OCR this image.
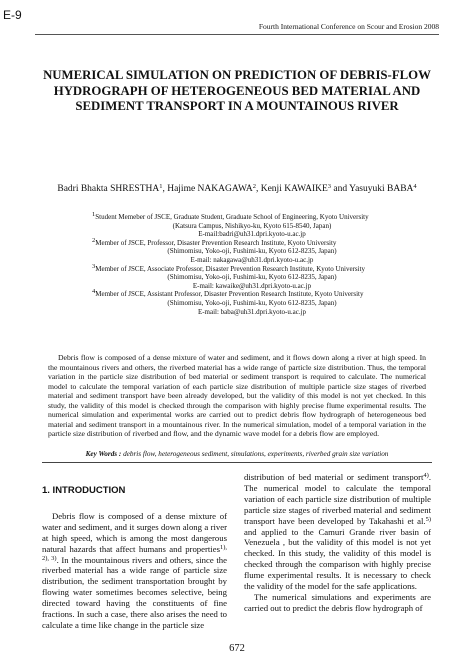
E-9
Fourth International Conference on Scour and Erosion 2008
NUMERICAL SIMULATION ON PREDICTION OF DEBRIS-FLOW HYDROGRAPH OF HETEROGENEOUS BED MATERIAL AND SEDIMENT TRANSPORT IN A MOUNTAINOUS RIVER
Badri Bhakta SHRESTHA$^1$, Hajime NAKAGAWA$^2$, Kenji KAWAIKE$^3$ and Yasuyuki BABA$^4$
$^1$Student Memeber of JSCE, Graduate Student, Graduate School of Engineering, Kyoto University
(Katsura Campus, Nishikyo-ku, Kyoto 615-8540, Japan)
E-mail:badri@uh31.dpri.kyoto-u.ac.jp
$^2$Member of JSCE, Professor, Disaster Prevention Research Institute, Kyoto University
(Shimomisu, Yoko-oji, Fushimi-ku, Kyoto 612-8235, Japan)
E-mail: nakagawa@uh31.dpri.kyoto-u.ac.jp
$^3$Member of JSCE, Associate Professor, Disaster Prevention Research Institute, Kyoto University
(Shimomisu, Yoko-oji, Fushimi-ku, Kyoto 612-8235, Japan)
E-mail: kawaike@uh31.dpri.kyoto-u.ac.jp
$^4$Member of JSCE, Assistant Professor, Disaster Prevention Research Institute, Kyoto University
(Shimomisu, Yoko-oji, Fushimi-ku, Kyoto 612-8235, Japan)
E-mail: baba@uh31.dpri.kyoto-u.ac.jp
Debris flow is composed of a dense mixture of water and sediment, and it flows down along a river at high speed. In the mountainous rivers and others, the riverbed material has a wide range of particle size distribution. Thus, the temporal variation in the particle size distribution of bed material or sediment transport is required to calculate. The numerical model to calculate the temporal variation of each particle size distribution of multiple particle size stages of riverbed material and sediment transport have been already developed, but the validity of this model is not yet checked. In this study, the validity of this model is checked through the comparison with highly precise flume experimental results. The numerical simulation and experimental works are carried out to predict debris flow hydrograph of heterogeneous bed material and sediment transport in a mountainous river. In the numerical simulation, model of a temporal variation in the particle size distribution of riverbed and flow, and the dynamic wave model for a debris flow are employed.
Key Words : debris flow, heterogeneous sediment, simulations, experiments, riverbed grain size variation
1. INTRODUCTION

Debris flow is composed of a dense mixture of water and sediment, and it surges down along a river at high speed, which is among the most dangerous natural hazards that affect humans and properties$^{1), 2), 3)}$. In the mountainous rivers and others, since the riverbed material has a wide range of particle size distribution, the sediment transportation brought by flowing water sometimes becomes selective, being directed toward having the constituents of fine fractions. In such a case, there also arises the need to calculate a time like change in the particle size

distribution of bed material or sediment transport$^{4)}$. The numerical model to calculate the temporal variation of each particle size distribution of multiple particle size stages of riverbed material and sediment transport have been developed by Takahashi et al.$^{5)}$ and applied to the Camuri Grande river basin of Venezuela , but the validity of this model is not yet checked. In this study, the validity of this model is checked through the comparison with highly precise flume experimental results. It is necessary to check the validity of the model for the safe applications.

The numerical simulations and experiments are carried out to predict the debris flow hydrograph of

672
